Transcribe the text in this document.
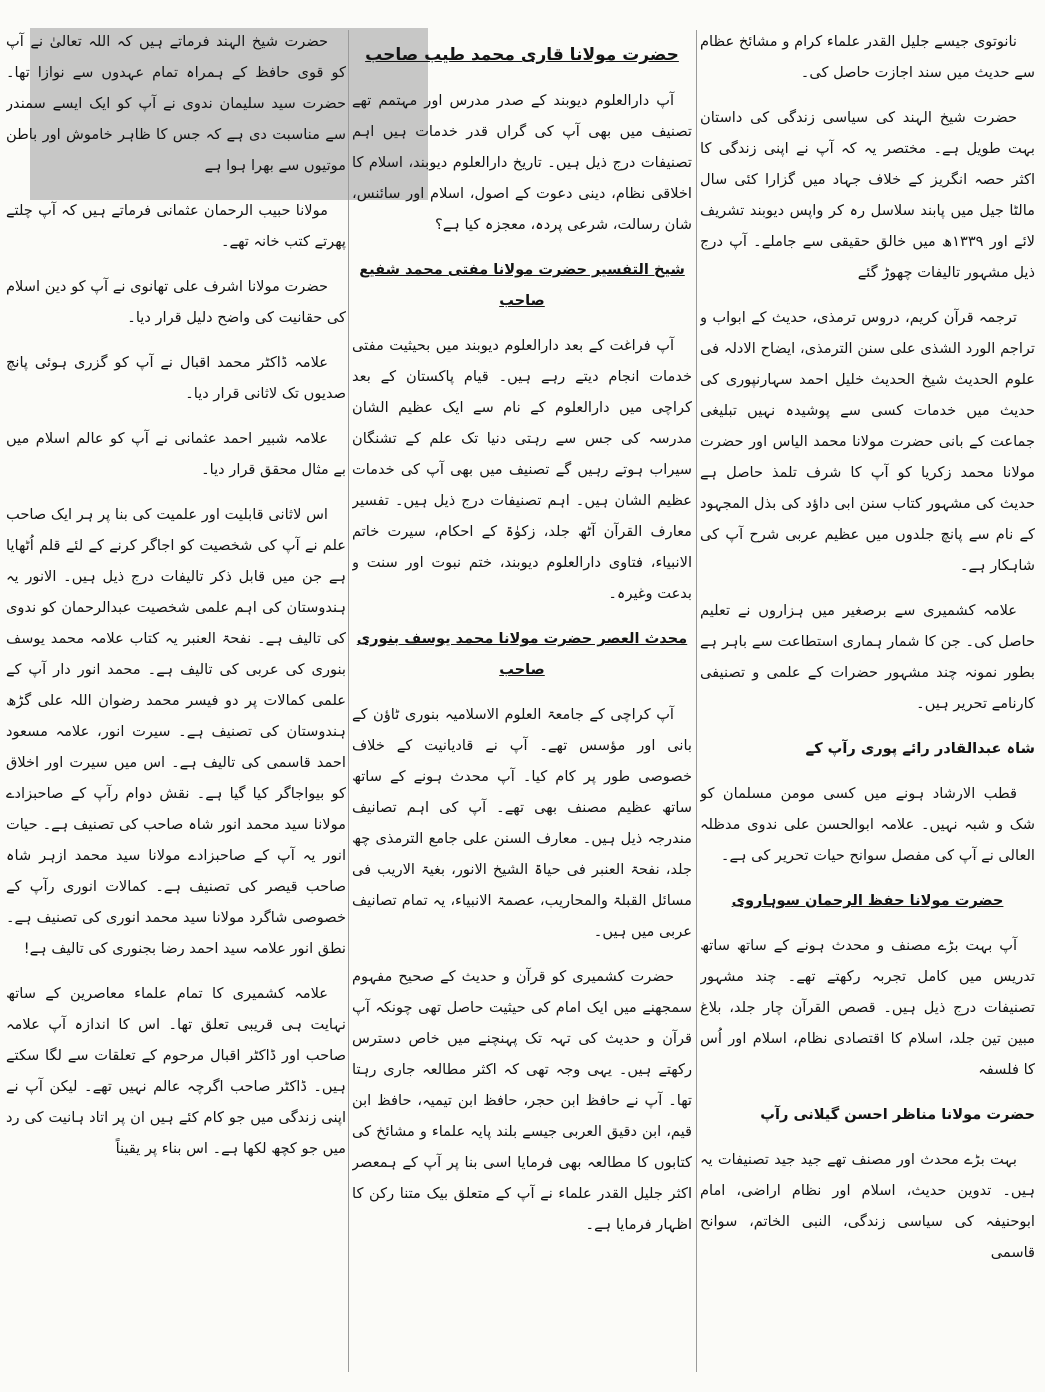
نانوتوی جیسے جلیل القدر علماء کرام و مشائخ عظام سے حدیث میں سند اجازت حاصل کی۔

حضرت شیخ الہند کی سیاسی زندگی کی داستان بہت طویل ہے۔ مختصر یہ کہ آپ نے اپنی زندگی کا اکثر حصہ انگریز کے خلاف جہاد میں گزارا کئی سال مالٹا جیل میں پابند سلاسل رہ کر واپس دیوبند تشریف لائے اور ۱۳۳۹ھ میں خالق حقیقی سے جاملے۔ آپ درج ذیل مشہور تالیفات چھوڑ گئے

ترجمہ قرآن کریم، دروس ترمذی، حدیث کے ابواب و تراجم الورد الشذی علی سنن الترمذی، ایضاح الادلہ فی علوم الحدیث شیخ الحدیث خلیل احمد سہارنپوری کی حدیث میں خدمات کسی سے پوشیدہ نہیں تبلیغی جماعت کے بانی حضرت مولانا محمد الیاس اور حضرت مولانا محمد زکریا کو آپ کا شرف تلمذ حاصل ہے حدیث کی مشہور کتاب سنن ابی داؤد کی بذل المجہود کے نام سے پانچ جلدوں میں عظیم عربی شرح آپ کی شاہکار ہے۔

علامہ کشمیری سے برصغیر میں ہزاروں نے تعلیم حاصل کی۔ جن کا شمار ہماری استطاعت سے باہر ہے بطور نمونہ چند مشہور حضرات کے علمی و تصنیفی کارنامے تحریر ہیں۔

شاہ عبدالقادر رائے پوری رآپ کے

قطب الارشاد ہونے میں کسی مومن مسلمان کو شک و شبہ نہیں۔ علامہ ابوالحسن علی ندوی مدظلہ العالی نے آپ کی مفصل سوانح حیات تحریر کی ہے۔

حضرت مولانا حفظ الرحمان سوہاروی

آپ بہت بڑے مصنف و محدث ہونے کے ساتھ ساتھ تدریس میں کامل تجربہ رکھتے تھے۔ چند مشہور تصنیفات درج ذیل ہیں۔ قصص القرآن چار جلد، بلاغ مبین تین جلد، اسلام کا اقتصادی نظام، اسلام اور اُس کا فلسفہ

حضرت مولانا مناظر احسن گیلانی رآپ

بہت بڑے محدث اور مصنف تھے جید جید تصنیفات یہ ہیں۔ تدوین حدیث، اسلام اور نظام اراضی، امام ابوحنیفہ کی سیاسی زندگی، النبی الخاتم، سوانح قاسمی

حضرت مولانا قاری محمد طیب صاحب

آپ دارالعلوم دیوبند کے صدر مدرس اور مہتمم تھے تصنیف میں بھی آپ کی گراں قدر خدمات ہیں اہم تصنیفات درج ذیل ہیں۔ تاریخ دارالعلوم دیوبند، اسلام کا اخلاقی نظام، دینی دعوت کے اصول، اسلام اور سائنس، شان رسالت، شرعی پردہ، معجزہ کیا ہے؟

شیخ التفسیر حضرت مولانا مفتی محمد شفیع صاحب

آپ فراغت کے بعد دارالعلوم دیوبند میں بحیثیت مفتی خدمات انجام دیتے رہے ہیں۔ قیام پاکستان کے بعد کراچی میں دارالعلوم کے نام سے ایک عظیم الشان مدرسہ کی جس سے رہتی دنیا تک علم کے تشنگان سیراب ہوتے رہیں گے تصنیف میں بھی آپ کی خدمات عظیم الشان ہیں۔ اہم تصنیفات درج ذیل ہیں۔ تفسیر معارف القرآن آٹھ جلد، زکوٰۃ کے احکام، سیرت خاتم الانبیاء، فتاوی دارالعلوم دیوبند، ختم نبوت اور سنت و بدعت وغیرہ۔

محدث العصر حضرت مولانا محمد یوسف بنوری صاحب

آپ کراچی کے جامعۃ العلوم الاسلامیہ بنوری ٹاؤن کے بانی اور مؤسس تھے۔ آپ نے قادیانیت کے خلاف خصوصی طور پر کام کیا۔ آپ محدث ہونے کے ساتھ ساتھ عظیم مصنف بھی تھے۔ آپ کی اہم تصانیف مندرجہ ذیل ہیں۔ معارف السنن علی جامع الترمذی چھ جلد، نفحۃ العنبر فی حیاۃ الشیخ الانور، بغیۃ الاریب فی مسائل القبلۃ والمحاریب، عصمۃ الانبیاء، یہ تمام تصانیف عربی میں ہیں۔

حضرت کشمیری کو قرآن و حدیث کے صحیح مفہوم سمجھنے میں ایک امام کی حیثیت حاصل تھی چونکہ آپ قرآن و حدیث کی تہہ تک پہنچنے میں خاص دسترس رکھتے ہیں۔ یہی وجہ تھی کہ اکثر مطالعہ جاری رہتا تھا۔ آپ نے حافظ ابن حجر، حافظ ابن تیمیہ، حافظ ابن قیم، ابن دقیق العربی جیسے بلند پایہ علماء و مشائخ کی کتابوں کا مطالعہ بھی فرمایا اسی بنا پر آپ کے ہمعصر اکثر جلیل القدر علماء نے آپ کے متعلق بیک متنا رکن کا اظہار فرمایا ہے۔

حضرت شیخ الہند فرماتے ہیں کہ اللہ تعالیٰ نے آپ کو قوی حافظ کے ہمراہ تمام عہدوں سے نوازا تھا۔ حضرت سید سلیمان ندوی نے آپ کو ایک ایسے سمندر سے مناسبت دی ہے کہ جس کا ظاہر خاموش اور باطن موتیوں سے بھرا ہوا ہے

مولانا حبیب الرحمان عثمانی فرماتے ہیں کہ آپ چلتے پھرتے کتب خانہ تھے۔

حضرت مولانا اشرف علی تھانوی نے آپ کو دین اسلام کی حقانیت کی واضح دلیل قرار دیا۔

علامہ ڈاکٹر محمد اقبال نے آپ کو گزری ہوئی پانچ صدیوں تک لاثانی قرار دیا۔

علامہ شبیر احمد عثمانی نے آپ کو عالم اسلام میں بے مثال محقق قرار دیا۔

اس لاثانی قابلیت اور علمیت کی بنا پر ہر ایک صاحب علم نے آپ کی شخصیت کو اجاگر کرنے کے لئے قلم اُٹھایا ہے جن میں قابل ذکر تالیفات درج ذیل ہیں۔ الانور یہ ہندوستان کی اہم علمی شخصیت عبدالرحمان کو ندوی کی تالیف ہے۔ نفحۃ العنبر یہ کتاب علامہ محمد یوسف بنوری کی عربی کی تالیف ہے۔ محمد انور دار آپ کے علمی کمالات پر دو فیسر محمد رضوان اللہ علی گڑھ ہندوستان کی تصنیف ہے۔ سیرت انور، علامہ مسعود احمد قاسمی کی تالیف ہے۔ اس میں سیرت اور اخلاق کو بیواجاگر کیا گیا ہے۔ نقش دوام رآپ کے صاحبزادے مولانا سید محمد انور شاہ صاحب کی تصنیف ہے۔ حیات انور یہ آپ کے صاحبزادے مولانا سید محمد ازہر شاہ صاحب قیصر کی تصنیف ہے۔ کمالات انوری رآپ کے خصوصی شاگرد مولانا سید محمد انوری کی تصنیف ہے۔ نطق انور علامہ سید احمد رضا بجنوری کی تالیف ہے!

علامہ کشمیری کا تمام علماء معاصرین کے ساتھ نہایت ہی قریبی تعلق تھا۔ اس کا اندازہ آپ علامہ صاحب اور ڈاکٹر اقبال مرحوم کے تعلقات سے لگا سکتے ہیں۔ ڈاکٹر صاحب اگرچہ عالم نہیں تھے۔ لیکن آپ نے اپنی زندگی میں جو کام کئے ہیں ان پر اتاد ہانیت کی رد میں جو کچھ لکھا ہے۔ اس بناء پر یقیناً
